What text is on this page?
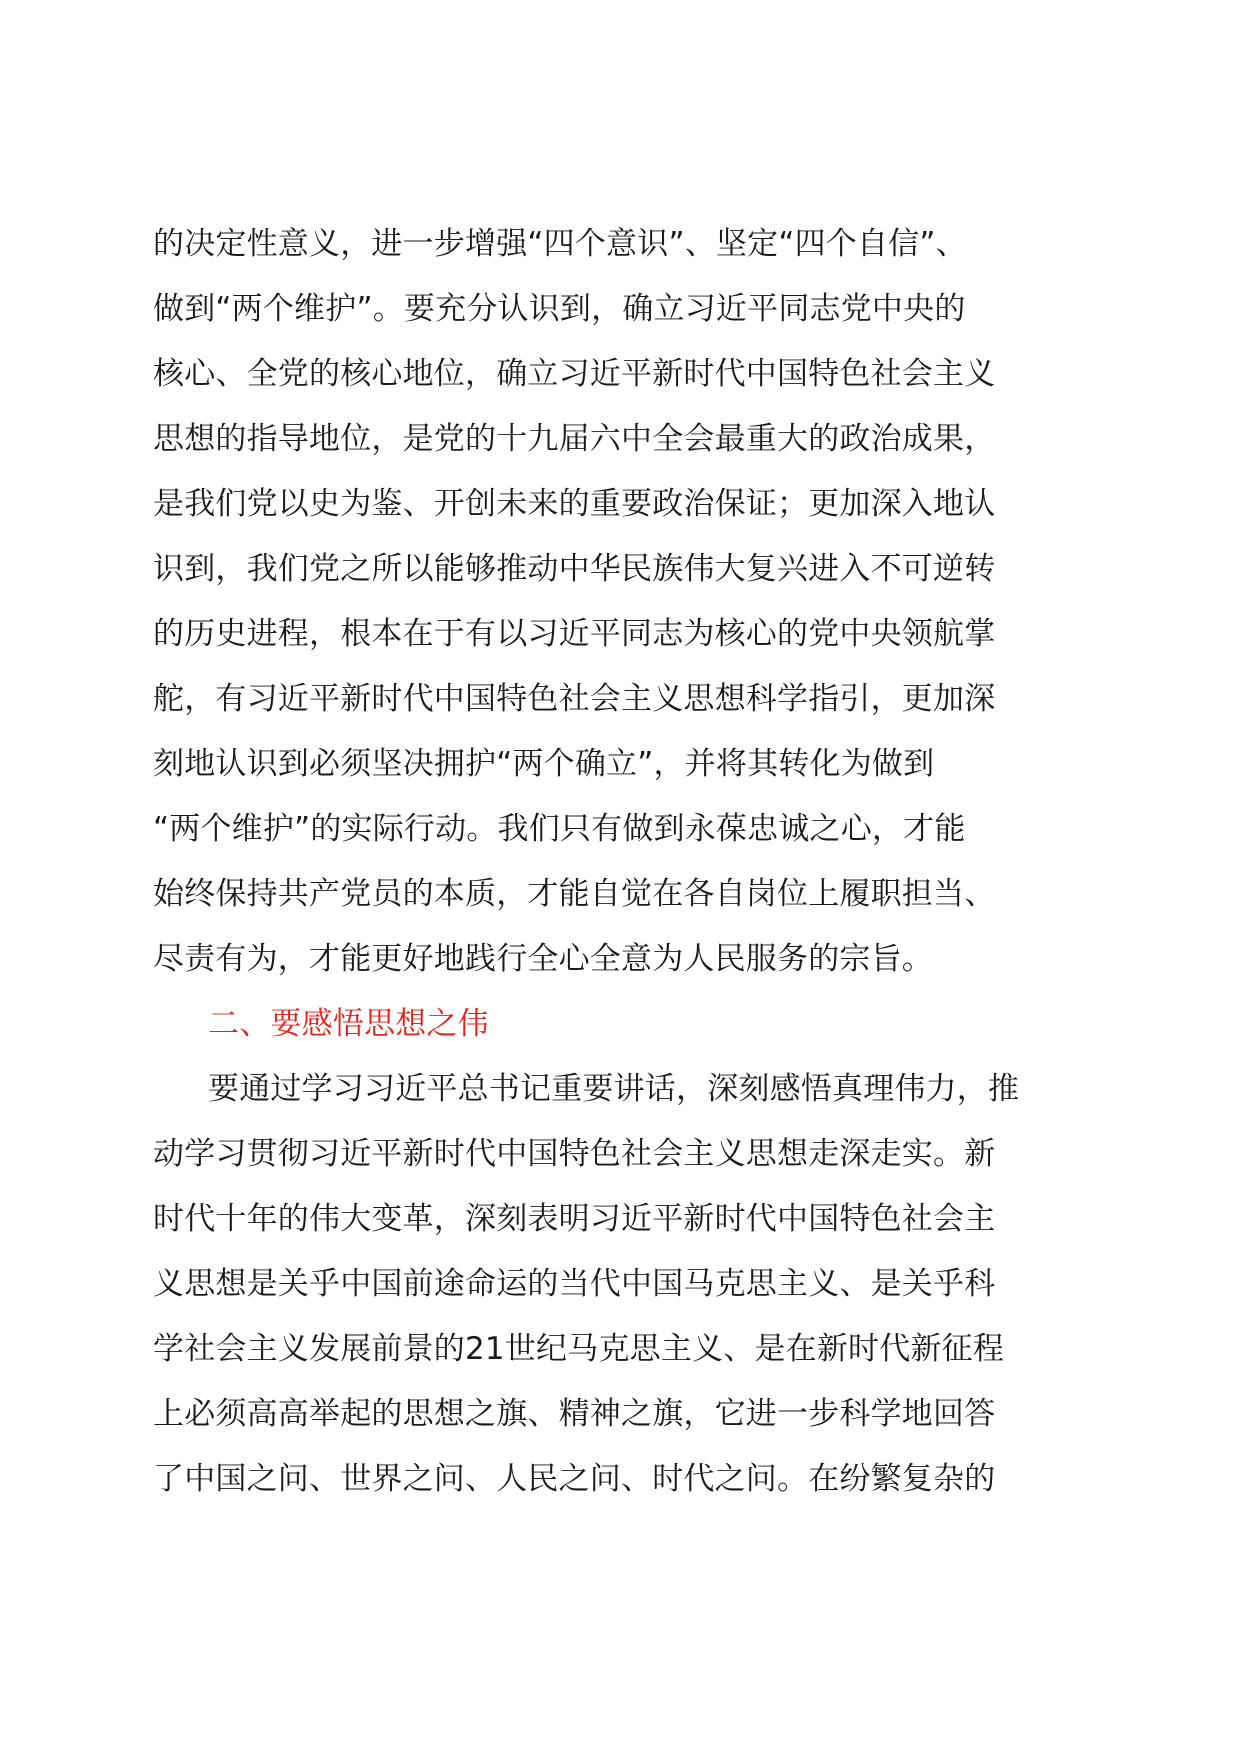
的决定性意义，进一步增强“四个意识”、坚定“四个自信”、
做到“两个维护”。要充分认识到，确立习近平同志党中央的
核心、全党的核心地位，确立习近平新时代中国特色社会主义
思想的指导地位，是党的十九届六中全会最重大的政治成果，
是我们党以史为鉴、开创未来的重要政治保证；更加深入地认
识到，我们党之所以能够推动中华民族伟大复兴进入不可逆转
的历史进程，根本在于有以习近平同志为核心的党中央领航掌
舵，有习近平新时代中国特色社会主义思想科学指引，更加深
刻地认识到必须坚决拥护“两个确立”，并将其转化为做到
“两个维护”的实际行动。我们只有做到永葆忠诚之心，才能
始终保持共产党员的本质，才能自觉在各自岗位上履职担当、
尽责有为，才能更好地践行全心全意为人民服务的宗旨。
二、要感悟思想之伟
要通过学习习近平总书记重要讲话，深刻感悟真理伟力，推
动学习贯彻习近平新时代中国特色社会主义思想走深走实。新
时代十年的伟大变革，深刻表明习近平新时代中国特色社会主
义思想是关乎中国前途命运的当代中国马克思主义、是关乎科
学社会主义发展前景的21世纪马克思主义、是在新时代新征程
上必须高高举起的思想之旗、精神之旗，它进一步科学地回答
了中国之问、世界之问、人民之问、时代之问。在纷繁复杂的
